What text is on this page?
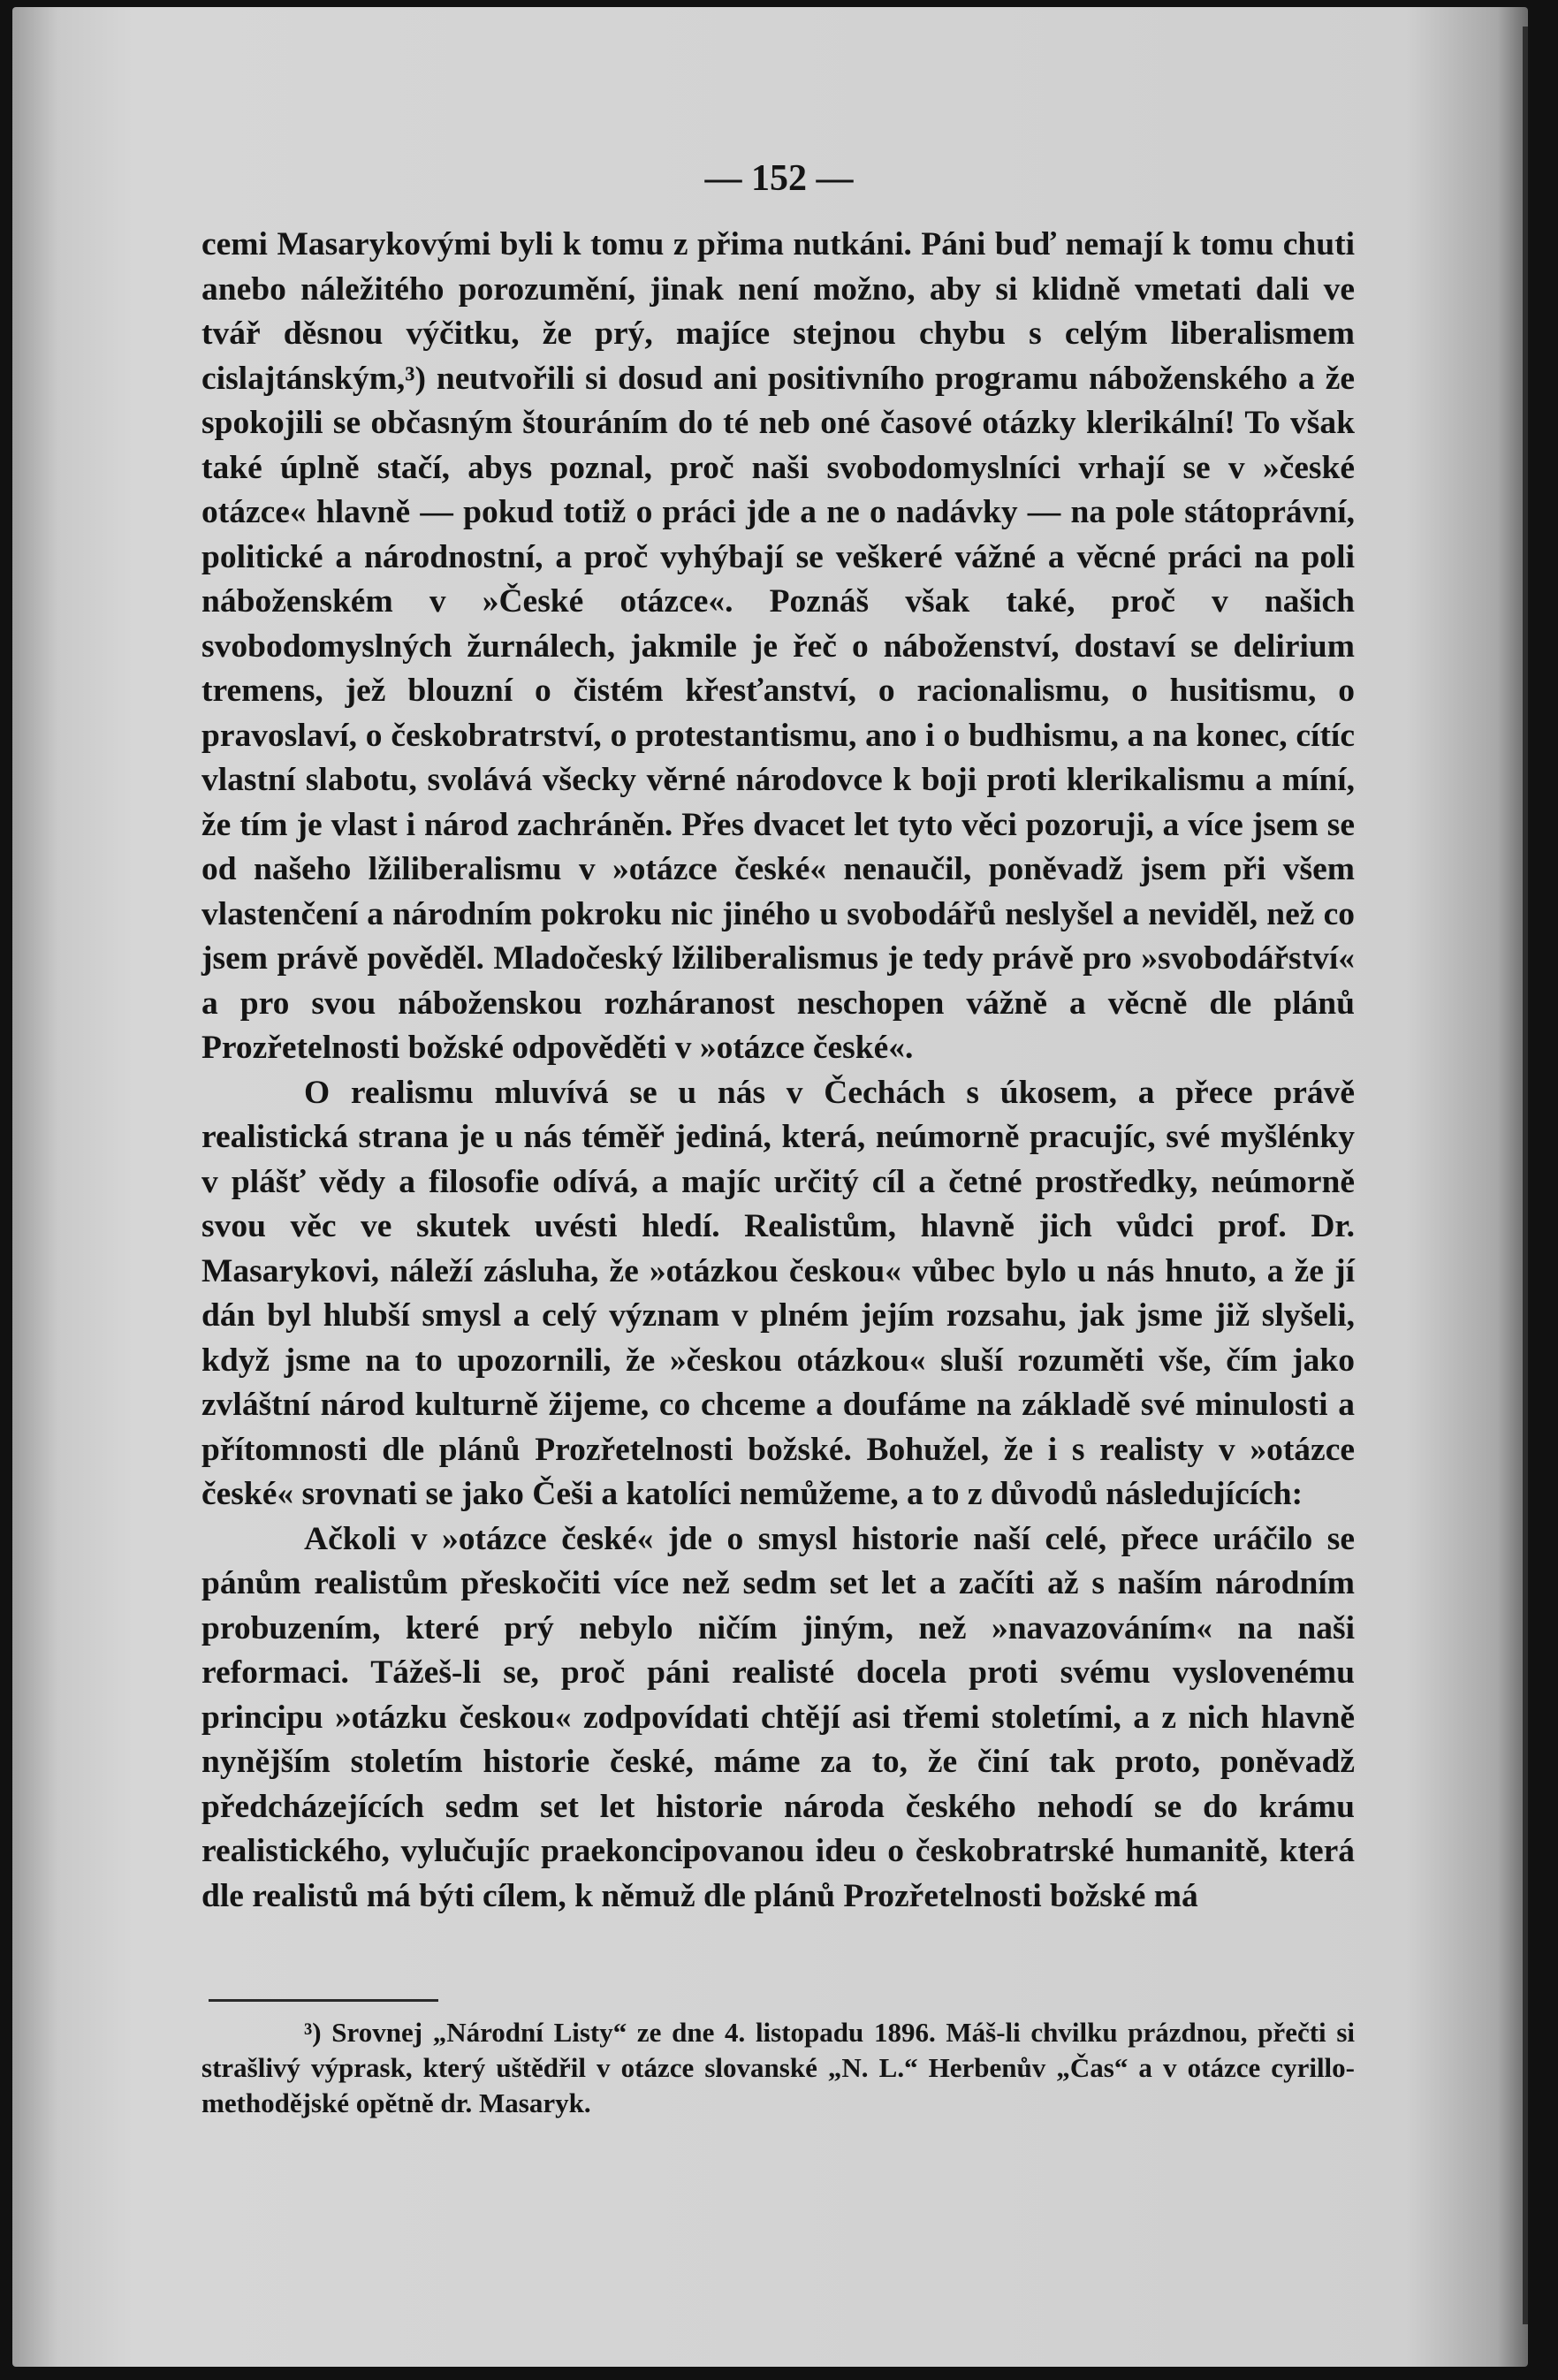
— 152 —

cemi Masarykovými byli k tomu z přima nutkáni. Páni buď nemají k tomu chuti anebo náležitého porozumění, jinak není možno, aby si klidně vmetati dali ve tvář děsnou výčitku, že prý, majíce stejnou chybu s celým liberalismem cislajtánským,³) neutvořili si dosud ani positivního programu náboženského a že spokojili se občasným štouráním do té neb oné časové otázky klerikální! To však také úplně stačí, abys poznal, proč naši svobodomyslníci vrhají se v »české otázce« hlavně — pokud totiž o práci jde a ne o nadávky — na pole státoprávní, politické a národnostní, a proč vyhýbají se veškeré vážné a věcné práci na poli náboženském v »České otázce«. Poznáš však také, proč v našich svobodomyslných žurnálech, jakmile je řeč o náboženství, dostaví se delirium tremens, jež blouzní o čistém křesťanství, o racionalismu, o husitismu, o pravoslaví, o českobratrství, o protestantismu, ano i o budhismu, a na konec, cítíc vlastní slabotu, svolává všecky věrné národovce k boji proti klerikalismu a míní, že tím je vlast i národ zachráněn. Přes dvacet let tyto věci pozoruji, a více jsem se od našeho lžiliberalismu v »otázce české« nenaučil, poněvadž jsem při všem vlastenčení a národním pokroku nic jiného u svobodářů neslyšel a neviděl, než co jsem právě pověděl. Mladočeský lžiliberalismus je tedy právě pro »svobodářství« a pro svou náboženskou rozháranost neschopen vážně a věcně dle plánů Prozřetelnosti božské odpověděti v »otázce české«.

O realismu mluvívá se u nás v Čechách s úkosem, a přece právě realistická strana je u nás téměř jediná, která, neúmorně pracujíc, své myšlénky v plášť vědy a filosofie odívá, a majíc určitý cíl a četné prostředky, neúmorně svou věc ve skutek uvésti hledí. Realistům, hlavně jich vůdci prof. Dr. Masarykovi, náleží zásluha, že »otázkou českou« vůbec bylo u nás hnuto, a že jí dán byl hlubší smysl a celý význam v plném jejím rozsahu, jak jsme již slyšeli, když jsme na to upozornili, že »českou otázkou« sluší rozuměti vše, čím jako zvláštní národ kulturně žijeme, co chceme a doufáme na základě své minulosti a přítomnosti dle plánů Prozřetelnosti božské. Bohužel, že i s realisty v »otázce české« srovnati se jako Češi a katolíci nemůžeme, a to z důvodů následujících:

Ačkoli v »otázce české« jde o smysl historie naší celé, přece uráčilo se pánům realistům přeskočiti více než sedm set let a začíti až s naším národním probuzením, které prý nebylo ničím jiným, než »navazováním« na naši reformaci. Tážeš-li se, proč páni realisté docela proti svému vyslovenému principu »otázku českou« zodpovídati chtějí asi třemi stoletími, a z nich hlavně nynějším stoletím historie české, máme za to, že činí tak proto, poněvadž předcházejících sedm set let historie národa českého nehodí se do krámu realistického, vylučujíc praekoncipovanou ideu o českobratrské humanitě, která dle realistů má býti cílem, k němuž dle plánů Prozřetelnosti božské má

³) Srovnej „Národní Listy“ ze dne 4. listopadu 1896. Máš-li chvilku prázdnou, přečti si strašlivý výprask, který uštědřil v otázce slovanské „N. L.“ Herbenův „Čas“ a v otázce cyrillo-methodějské opětně dr. Masaryk.
